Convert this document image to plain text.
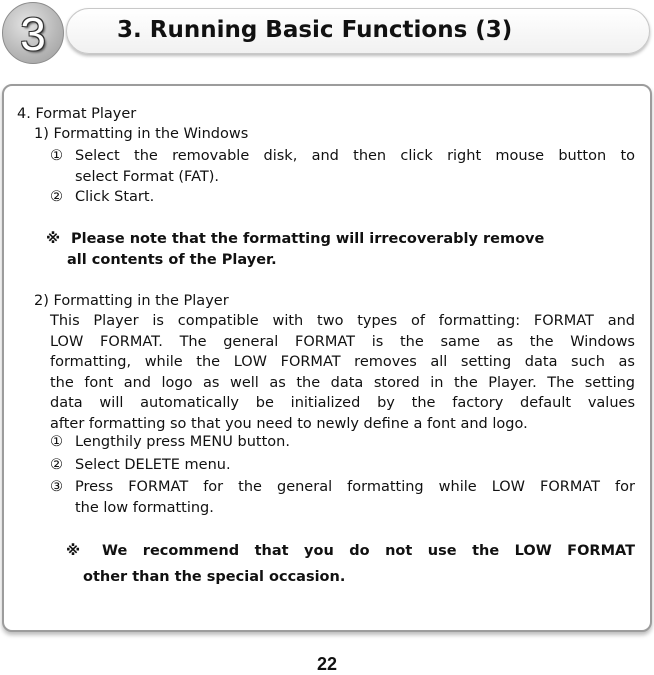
3	3. Running Basic Functions (3)
4. Format Player
1) Formatting in the Windows
① Select the removable disk, and then click right mouse button to
select Format (FAT).
② Click Start.
※ Please note that the formatting will irrecoverably remove
all contents of the Player.
2) Formatting in the Player
This Player is compatible with two types of formatting: FORMAT and
LOW FORMAT. The general FORMAT is the same as the Windows
formatting, while the LOW FORMAT removes all setting data such as
the font and logo as well as the data stored in the Player. The setting
data will automatically be initialized by the factory default values
after formatting so that you need to newly define a font and logo.
① Lengthily press MENU button.
② Select DELETE menu.
③ Press FORMAT for the general formatting while LOW FORMAT for
the low formatting.
※ We recommend that you do not use the LOW FORMAT
other than the special occasion.
22
